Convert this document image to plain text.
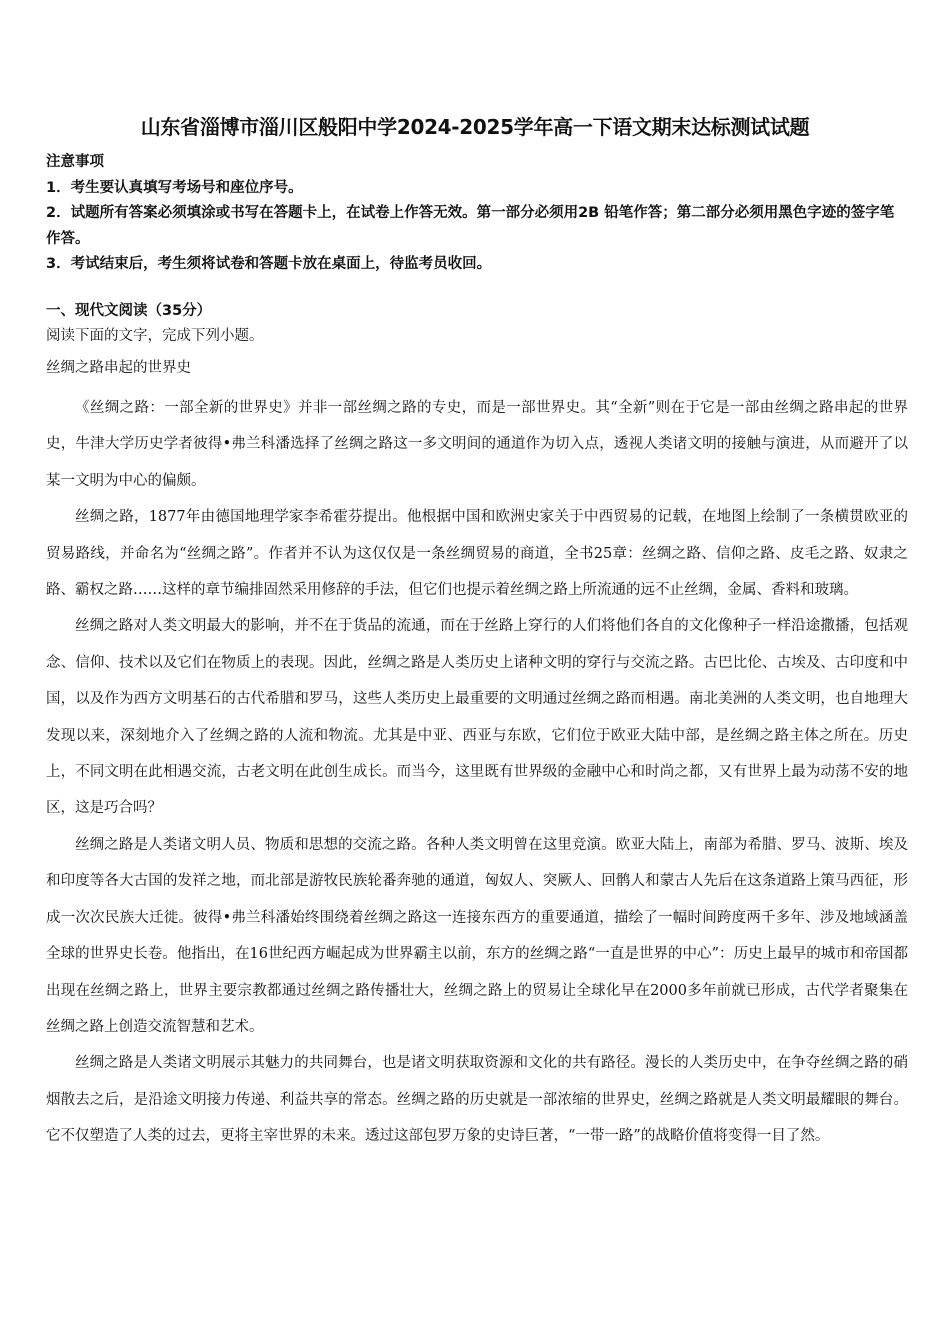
山东省淄博市淄川区般阳中学2024-2025学年高一下语文期末达标测试试题

注意事项

1．考生要认真填写考场号和座位序号。

2．试题所有答案必须填涂或书写在答题卡上，在试卷上作答无效。第一部分必须用2B 铅笔作答；第二部分必须用黑色字迹的签字笔作答。

3．考试结束后，考生须将试卷和答题卡放在桌面上，待监考员收回。

一、现代文阅读（35分）
阅读下面的文字，完成下列小题。
丝绸之路串起的世界史

《丝绸之路：一部全新的世界史》并非一部丝绸之路的专史，而是一部世界史。其“全新”则在于它是一部由丝绸之路串起的世界史，牛津大学历史学者彼得•弗兰科潘选择了丝绸之路这一多文明间的通道作为切入点，透视人类诸文明的接触与演进，从而避开了以某一文明为中心的偏颇。

丝绸之路，1877年由德国地理学家李希霍芬提出。他根据中国和欧洲史家关于中西贸易的记载，在地图上绘制了一条横贯欧亚的贸易路线，并命名为“丝绸之路”。作者并不认为这仅仅是一条丝绸贸易的商道，全书25章：丝绸之路、信仰之路、皮毛之路、奴隶之路、霸权之路……这样的章节编排固然采用修辞的手法，但它们也提示着丝绸之路上所流通的远不止丝绸，金属、香料和玻璃。

丝绸之路对人类文明最大的影响，并不在于货品的流通，而在于丝路上穿行的人们将他们各自的文化像种子一样沿途撒播，包括观念、信仰、技术以及它们在物质上的表现。因此，丝绸之路是人类历史上诸种文明的穿行与交流之路。古巴比伦、古埃及、古印度和中国，以及作为西方文明基石的古代希腊和罗马，这些人类历史上最重要的文明通过丝绸之路而相遇。南北美洲的人类文明，也自地理大发现以来，深刻地介入了丝绸之路的人流和物流。尤其是中亚、西亚与东欧，它们位于欧亚大陆中部，是丝绸之路主体之所在。历史上，不同文明在此相遇交流，古老文明在此创生成长。而当今，这里既有世界级的金融中心和时尚之都，又有世界上最为动荡不安的地区，这是巧合吗？

丝绸之路是人类诸文明人员、物质和思想的交流之路。各种人类文明曾在这里竞演。欧亚大陆上，南部为希腊、罗马、波斯、埃及和印度等各大古国的发祥之地，而北部是游牧民族轮番奔驰的通道，匈奴人、突厥人、回鹘人和蒙古人先后在这条道路上策马西征，形成一次次民族大迁徙。彼得•弗兰科潘始终围绕着丝绸之路这一连接东西方的重要通道，描绘了一幅时间跨度两千多年、涉及地域涵盖全球的世界史长卷。他指出，在16世纪西方崛起成为世界霸主以前，东方的丝绸之路“一直是世界的中心”：历史上最早的城市和帝国都出现在丝绸之路上，世界主要宗教都通过丝绸之路传播壮大，丝绸之路上的贸易让全球化早在2000多年前就已形成，古代学者聚集在丝绸之路上创造交流智慧和艺术。

丝绸之路是人类诸文明展示其魅力的共同舞台，也是诸文明获取资源和文化的共有路径。漫长的人类历史中，在争夺丝绸之路的硝烟散去之后，是沿途文明接力传递、利益共享的常态。丝绸之路的历史就是一部浓缩的世界史，丝绸之路就是人类文明最耀眼的舞台。它不仅塑造了人类的过去，更将主宰世界的未来。透过这部包罗万象的史诗巨著，“一带一路”的战略价值将变得一目了然。
